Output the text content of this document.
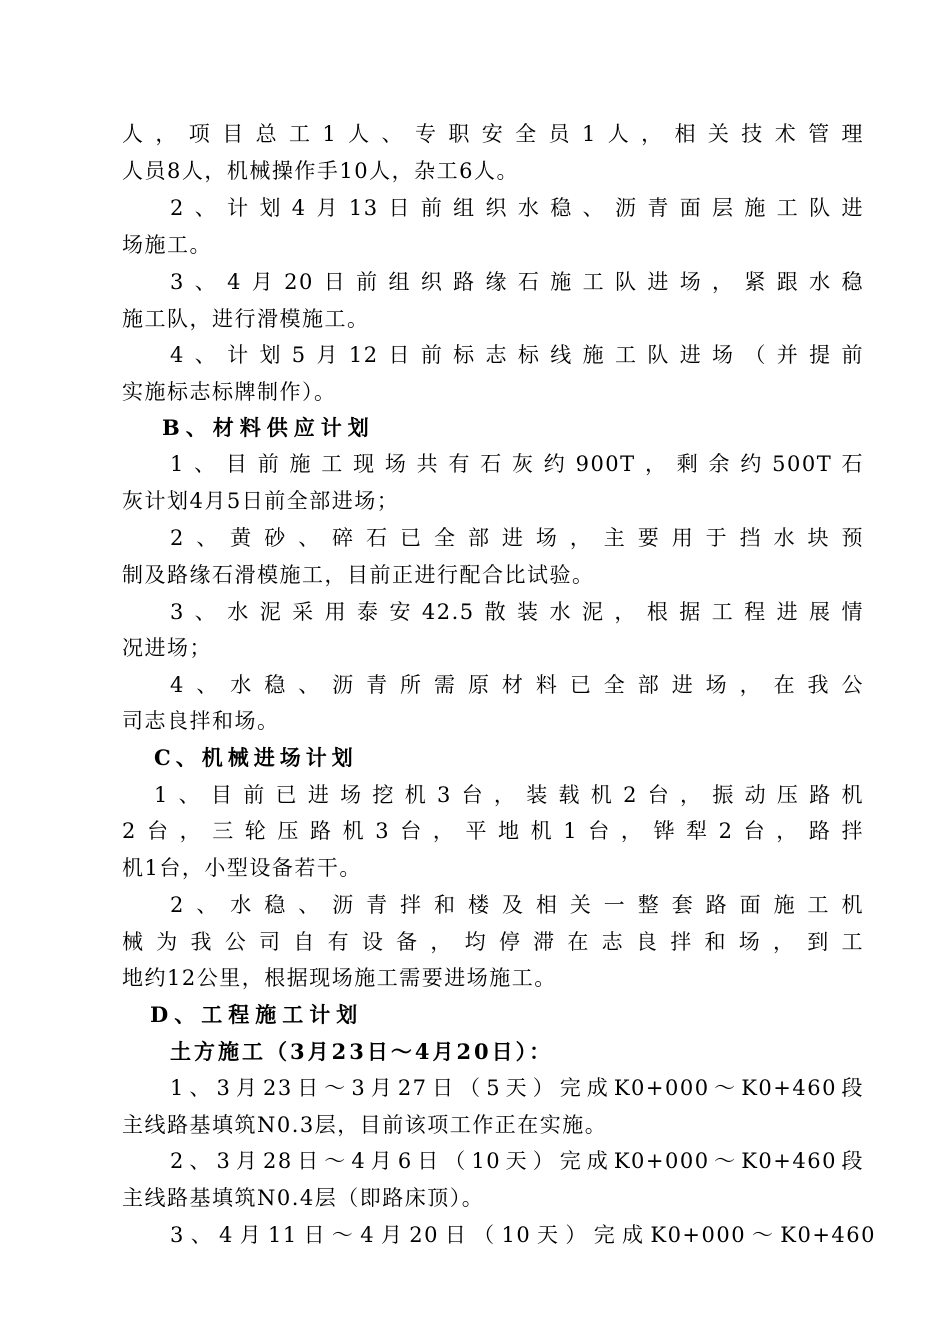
人，项目总工1人、专职安全员1人，相关技术管理
人员8人，机械操作手10人，杂工6人。
2、计划4月13日前组织水稳、沥青面层施工队进
场施工。
3、4月20日前组织路缘石施工队进场，紧跟水稳
施工队，进行滑模施工。
4、计划5月12日前标志标线施工队进场（并提前
实施标志标牌制作）。
B、材料供应计划
1、目前施工现场共有石灰约900T，剩余约500T石
灰计划4月5日前全部进场；
2、黄砂、碎石已全部进场，主要用于挡水块预
制及路缘石滑模施工，目前正进行配合比试验。
3、水泥采用泰安42.5散装水泥，根据工程进展情
况进场；
4、水稳、沥青所需原材料已全部进场，在我公
司志良拌和场。
C、机械进场计划
1、目前已进场挖机3台，装载机2台，振动压路机
2台，三轮压路机3台，平地机1台，铧犁2台，路拌
机1台，小型设备若干。
2、水稳、沥青拌和楼及相关一整套路面施工机
械为我公司自有设备，均停滞在志良拌和场，到工
地约12公里，根据现场施工需要进场施工。
D、工程施工计划
土方施工（3月23日～4月20日）：
1、3月23日～3月27日（5天）完成K0+000～K0+460段
主线路基填筑N0.3层，目前该项工作正在实施。
2、3月28日～4月6日（10天）完成K0+000～K0+460段
主线路基填筑N0.4层（即路床顶）。
3、4月11日～4月20日（10天）完成K0+000～K0+460
